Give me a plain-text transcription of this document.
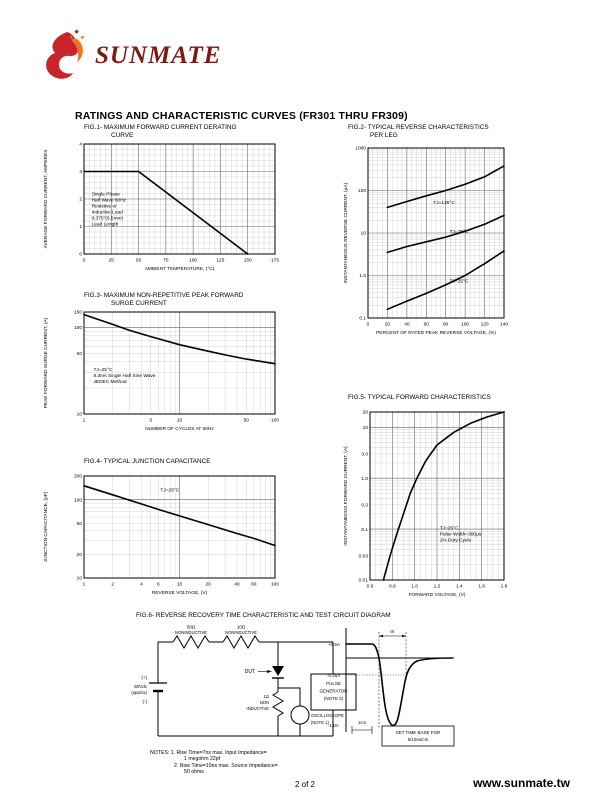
SUNMATE
RATINGS AND CHARACTERISTIC CURVES (FR301 THRU FR309)
FIG.1- MAXIMUM FORWARD CURRENT DERATING
CURVE
0	25	50	75	100	125	150	175
0
1
2
3
4
AMBIENT TEMPERATURE, (°C)
AVERAGE FORWARD CURRENT, AMPERES	Single Phase
Half Wave 60Hz
Resistive or
Inductive Load
0.375"(9.5mm)
Lead Length
FIG.2- TYPICAL REVERSE CHARACTERISTICS
PER LEG
0	20	40	60	80	100 120 140
0.1
1.0
10
100
1000
PERCENT OF RATED PEAK REVERSE VOLTAGE, (%)
INSTANTANEOUS REVERSE CURRENT, (μA)	TJ=125°C
TJ=75°C
TJ=25°C
FIG.3- MAXIMUM NON-REPETITIVE PEAK FORWARD
SURGE CURRENT
1	5	10	50	100
10
50
100
150
NUMBER OF CYCLES AT 60Hz
PEAK FORWARD SURGE CURRENT, (A)	TJ=25°C
8.3ms Single Half Sine Wave
JEDEC Method
FIG.4- TYPICAL JUNCTION CAPACITANCE
1	2	4	6	10	20	40 60	100
10
20
50
100
200
REVERSE VOLTAGE, (V)
JUNCTION CAPACITANCE, (pF)
TJ=25°C
FIG.5- TYPICAL FORWARD CHARACTERISTICS
0.6	0.8	1.0	1.2	1.4	1.6	1.8
0.01
0.03
0.1
0.3
1.0
3.0
10
20
FORWARD VOLTAGE, (V)
INSTANTANEOUS FORWARD CURRENT, (A)	TJ=25°C
Pulse Width=300μs
1% Duty Cycle
FIG.6- REVERSE RECOVERY TIME CHARACTERISTIC AND TEST CIRCUIT DIAGRAM
50Ω
NONINDUCTIVE
10Ω
NONINDUCTIVE
(+)
50Vdc
(approx)
(-)
DUT
1Ω
NON
INDUCTIVE
OSCILLOSCOPE
(NOTE 1)
PULSE
GENERATOR
(NOTE 2)
trr
+0.5A
-0.25A
-1.0A
1cm
SET TIME BASE FOR
5/10ns/cm
NOTES: 1. Rise Time=7ns max. Input Impedance=
1 megohm 22pf
2. Rise Time=10ns max. Source Impedance=
50 ohms
2 of 2	www.sunmate.tw
